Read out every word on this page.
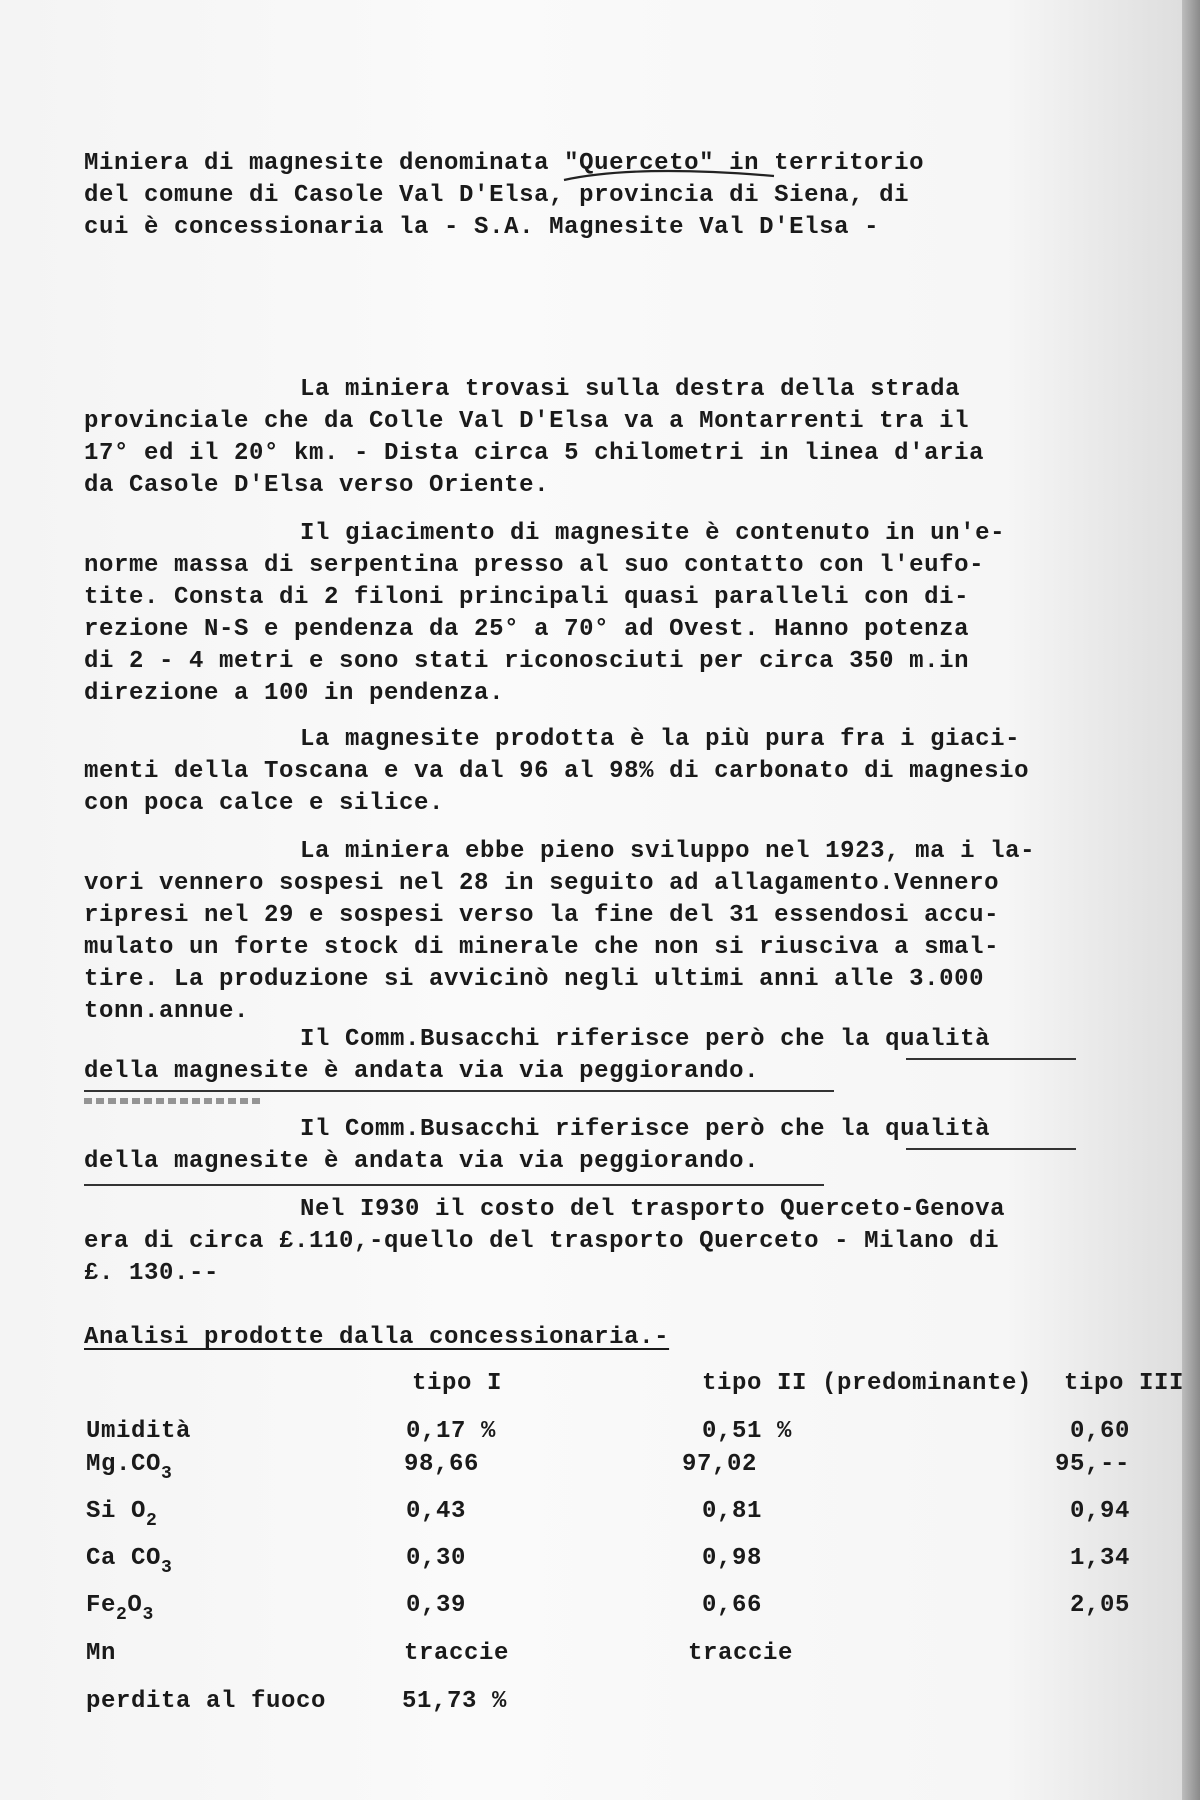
Miniera di magnesite denominata "Querceto" in territorio
del comune di Casole Val D'Elsa, provincia di Siena, di
cui è concessionaria la - S.A. Magnesite Val D'Elsa -
La miniera trovasi sulla destra della strada
provinciale che da Colle Val D'Elsa va a Montarrenti tra il
17° ed il 20° km. - Dista circa 5 chilometri in linea d'aria
da Casole D'Elsa verso Oriente.
Il giacimento di magnesite è contenuto in un'e-
norme massa di serpentina presso al suo contatto con l'eufo-
tite. Consta di 2 filoni principali quasi paralleli con di-
rezione N-S e pendenza da 25° a 70° ad Ovest. Hanno potenza
di 2 - 4 metri e sono stati riconosciuti per circa 350 m.in
direzione a 100 in pendenza.
La magnesite prodotta è la più pura fra i giaci-
menti della Toscana e va dal 96 al 98% di carbonato di magnesio
con poca calce e silice.
La miniera ebbe pieno sviluppo nel 1923, ma i la-
vori vennero sospesi nel 28 in seguito ad allagamento.Vennero
ripresi nel 29 e sospesi verso la fine del 31 essendosi accu-
mulato un forte stock di minerale che non si riusciva a smal-
tire. La produzione si avvicinò negli ultimi anni alle 3.000
tonn.annue.
Il Comm.Busacchi riferisce però che la qualità
della magnesite è andata via via peggiorando.
Il Comm.Busacchi riferisce però che la qualità
della magnesite è andata via via peggiorando.
Nel I930 il costo del trasporto Querceto-Genova
era di circa £.110,-quello del trasporto Querceto - Milano di
£. 130.--
Analisi prodotte dalla concessionaria.-
tipo I	tipo II (predominante) tipo III
Umidità
$Mg.CO_3$
Si $O_2$
Ca $CO_3$
$Fe_2O_3$
Mn
perdita al fuoco
0,17 %
98,66
0,43
0,30
0,39
traccie
51,73 %
0,51 %
97,02
0,81
0,98
0,66
traccie
0,60
95,--
0,94
1,34
2,05
